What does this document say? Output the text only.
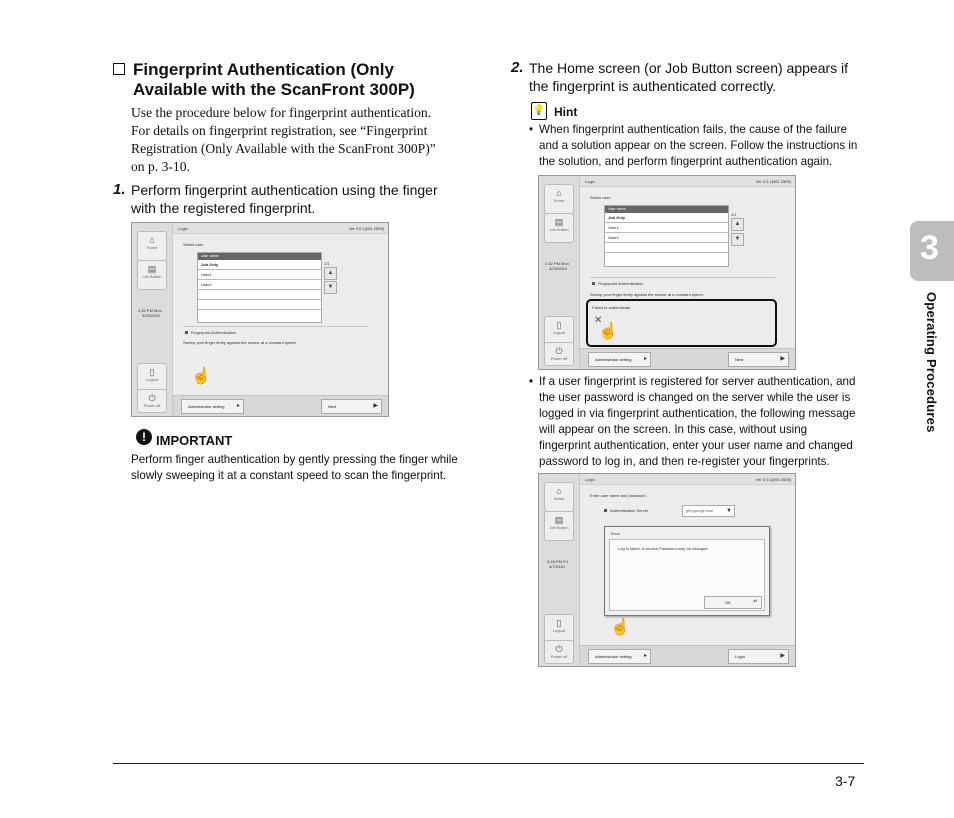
Fingerprint Authentication (Only
Available with the ScanFront 300P)
Use the procedure below for fingerprint authentication.
For details on fingerprint registration, see “Fingerprint
Registration (Only Available with the ScanFront 300P)”
on p. 3-10.
1. Perform fingerprint authentication using the finger
with the registered fingerprint.
⌂
Home
▤
Job Button
2:42 PM Mon
3/29/2010
▯
Logout
⏻
Power off
Login	Ver 2.0.1(061 2509)
Select user.
User name
Job Only
User1
User2
1/1
▲
▼
Fingerprint Authentication
Sweep your finger firmly against the sensor at a constant speed.
☝
Administrator setting ▸	Next	▶
! IMPORTANT
Perform finger authentication by gently pressing the finger while
slowly sweeping it at a constant speed to scan the fingerprint.
2. The Home screen (or Job Button screen) appears if
the fingerprint is authenticated correctly.
💡 Hint
• When fingerprint authentication fails, the cause of the failure
and a solution appear on the screen. Follow the instructions in
the solution, and perform fingerprint authentication again.
⌂
Home
▤
Job Button
2:42 PM Mon
3/29/2010
▯
Logout
⏻
Power off
Login	Ver 2.0.1(061 2509)
Select user.
User name
Job Only
User1
User2
1/1
▲
▼
Fingerprint Authentication
Sweep your finger firmly against the sensor at a constant speed.
Failed to authenticate.
✕
☝
Administrator setting ▸	Next	▶
• If a user fingerprint is registered for server authentication, and
the user password is changed on the server while the user is
logged in via fingerprint authentication, the following message
will appear on the screen. In this case, without using
fingerprint authentication, enter your user name and changed
password to log in, and then re-register your fingerprints.
⌂
Home
▤
Job Button
5:18 PM Fri
3/7/2010
▯
Logout
⏻
Power off
Login	Ver 2.0.1(094 2509)
Enter user name and password.
Authentication Server	gfhy.george.local ▼
Error
Log in failed. A version Password may be changed.
OK	↵
☝
Administrator setting ▸	Login	▶
3
Operating Procedures
3-7
